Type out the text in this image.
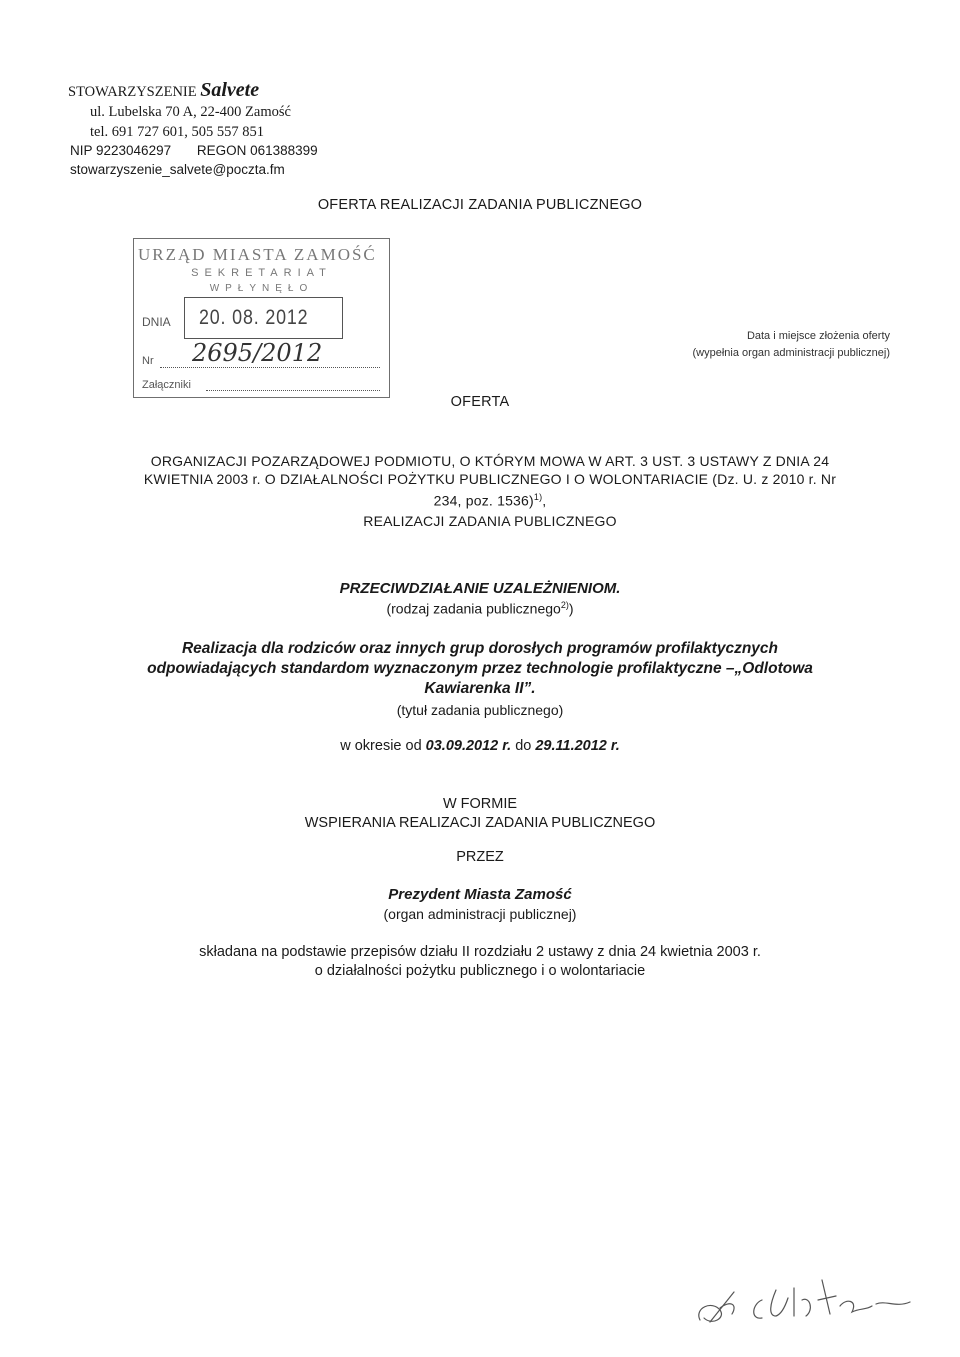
STOWARZYSZENIE Salvete
ul. Lubelska 70 A, 22-400 Zamość
tel. 691 727 601, 505 557 851
NIP 9223046297 REGON 061388399
stowarzyszenie_salvete@poczta.fm
OFERTA REALIZACJI ZADANIA PUBLICZNEGO
URZĄD MIASTA ZAMOŚĆ
SEKRETARIAT
WPŁYNĘŁO
DNIA 20. 08. 2012
Nr 2695/2012
Załączniki
Data i miejsce złożenia oferty
(wypełnia organ administracji publicznej)
OFERTA
ORGANIZACJI POZARZĄDOWEJ PODMIOTU, O KTÓRYM MOWA W ART. 3 UST. 3 USTAWY Z DNIA 24
KWIETNIA 2003 r. O DZIAŁALNOŚCI POŻYTKU PUBLICZNEGO I O WOLONTARIACIE (Dz. U. z 2010 r. Nr
234, poz. 1536)$^{1)}$,
REALIZACJI ZADANIA PUBLICZNEGO
PRZECIWDZIAŁANIE UZALEŻNIENIOM.
(rodzaj zadania publicznego$^{2)}$)
Realizacja dla rodziców oraz innych grup dorosłych programów profilaktycznych
odpowiadających standardom wyznaczonym przez technologie profilaktyczne –„Odlotowa
Kawiarenka II”.
(tytuł zadania publicznego)
w okresie od 03.09.2012 r. do 29.11.2012 r.
W FORMIE
WSPIERANIA REALIZACJI ZADANIA PUBLICZNEGO
PRZEZ
Prezydent Miasta Zamość
(organ administracji publicznej)
składana na podstawie przepisów działu II rozdziału 2 ustawy z dnia 24 kwietnia 2003 r.
o działalności pożytku publicznego i o wolontariacie
